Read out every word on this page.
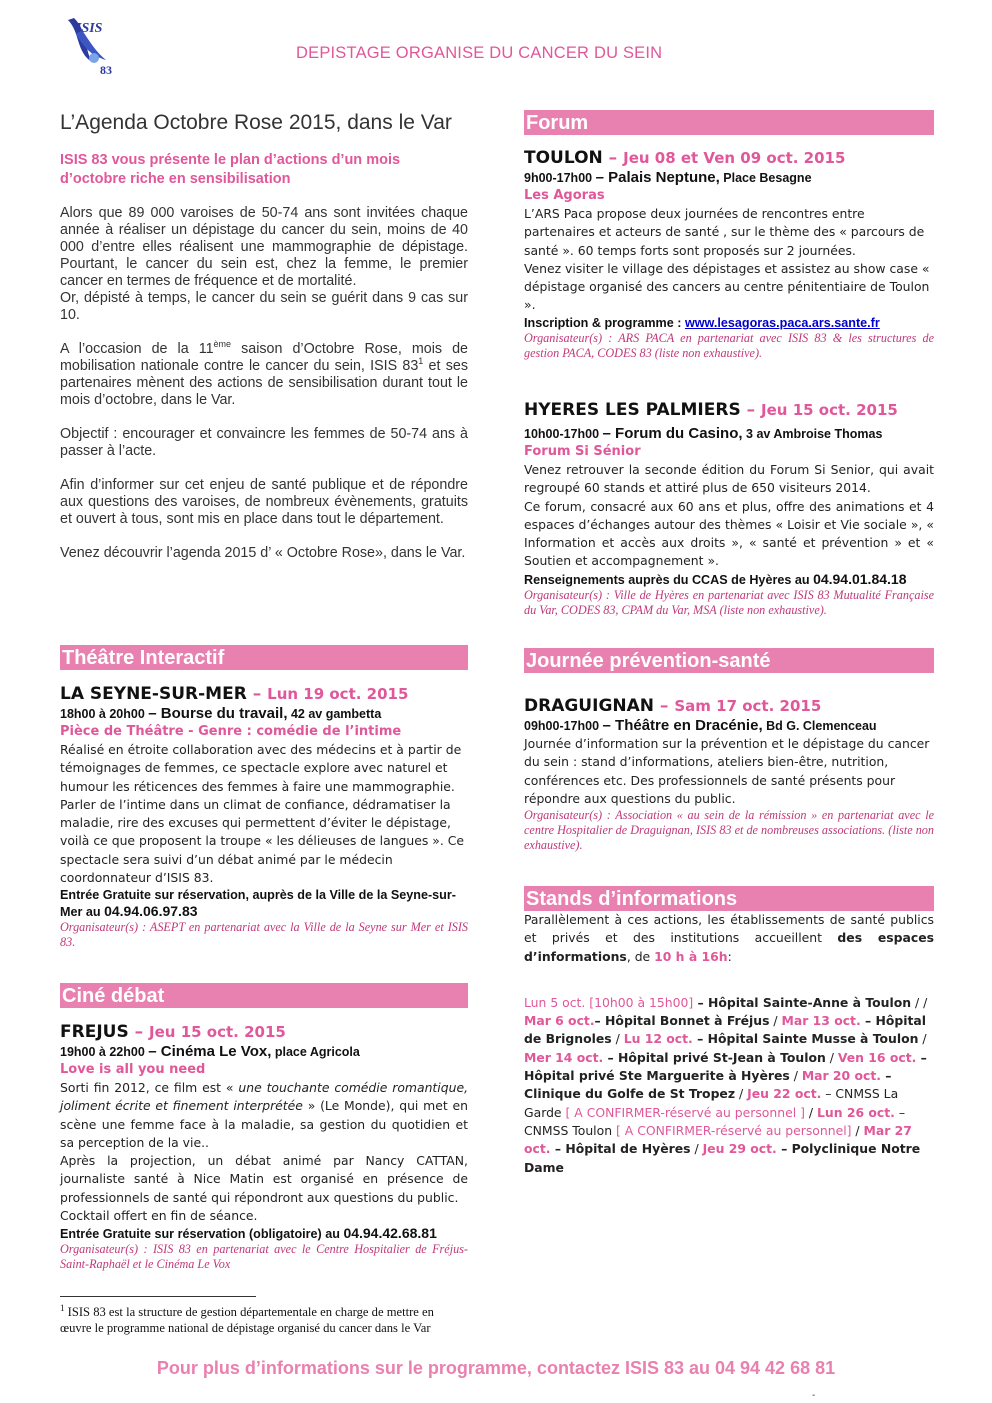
ISIS
83
DEPISTAGE ORGANISE DU CANCER DU SEIN
L’Agenda Octobre Rose 2015, dans le Var
ISIS 83 vous présente le plan d’actions d’un mois d’octobre riche en sensibilisation

Alors que 89 000 varoises de 50-74 ans sont invitées chaque année à réaliser un dépistage du cancer du sein, moins de 40 000 d’entre elles réalisent une mammographie de dépistage. Pourtant, le cancer du sein est, chez la femme, le premier cancer en termes de fréquence et de mortalité.

Or, dépisté à temps, le cancer du sein se guérit dans 9 cas sur 10.

A l’occasion de la 11ème saison d’Octobre Rose, mois de mobilisation nationale contre le cancer du sein, ISIS $83^1$ et ses partenaires mènent des actions de sensibilisation durant tout le mois d’octobre, dans le Var.

Objectif : encourager et convaincre les femmes de 50-74 ans à passer à l’acte.

Afin d’informer sur cet enjeu de santé publique et de répondre aux questions des varoises, de nombreux évènements, gratuits et ouvert à tous, sont mis en place dans tout le département.

Venez découvrir l’agenda 2015 d’ « Octobre Rose», dans le Var.

Théâtre Interactif
LA SEYNE-SUR-MER – Lun 19 oct. 2015
18h00 à 20h00 – Bourse du travail, 42 av gambetta
Pièce de Théâtre - Genre : comédie de l’intime
Réalisé en étroite collaboration avec des médecins et à partir de témoignages de femmes, ce spectacle explore avec naturel et humour les réticences des femmes à faire une mammographie. Parler de l’intime dans un climat de confiance, dédramatiser la maladie, rire des excuses qui permettent d’éviter le dépistage, voilà ce que proposent la troupe « les délieuses de langues ». Ce spectacle sera suivi d’un débat animé par le médecin coordonnateur d’ISIS 83.
Entrée Gratuite sur réservation, auprès de la Ville de la Seyne-sur-Mer au 04.94.06.97.83
Organisateur(s) : ASEPT en partenariat avec la Ville de la Seyne sur Mer et ISIS 83.
Ciné débat
FREJUS – Jeu 15 oct. 2015
19h00 à 22h00 – Cinéma Le Vox, place Agricola
Love is all you need
Sorti fin 2012, ce film est « une touchante comédie romantique, joliment écrite et finement interprétée » (Le Monde), qui met en scène une femme face à la maladie, sa gestion du quotidien et sa perception de la vie..
Après la projection, un débat animé par Nancy CATTAN, journaliste santé à Nice Matin est organisé en présence de professionnels de santé qui répondront aux questions du public.
Cocktail offert en fin de séance.
Entrée Gratuite sur réservation (obligatoire) au 04.94.42.68.81
Organisateur(s) : ISIS 83 en partenariat avec le Centre Hospitalier de Fréjus-Saint-Raphaël et le Cinéma Le Vox
$^1$ ISIS 83 est la structure de gestion départementale en charge de mettre en œuvre le programme national de dépistage organisé du cancer dans le Var
Forum
TOULON – Jeu 08 et Ven 09 oct. 2015
9h00-17h00 – Palais Neptune, Place Besagne
Les Agoras
L’ARS Paca propose deux journées de rencontres entre partenaires et acteurs de santé , sur le thème des « parcours de santé ». 60 temps forts sont proposés sur 2 journées.
Venez visiter le village des dépistages et assistez au show case « dépistage organisé des cancers au centre pénitentiaire de Toulon ».
Inscription & programme : www.lesagoras.paca.ars.sante.fr
Organisateur(s) : ARS PACA en partenariat avec ISIS 83 & les structures de gestion PACA, CODES 83 (liste non exhaustive).
HYERES LES PALMIERS – Jeu 15 oct. 2015
10h00-17h00 – Forum du Casino, 3 av Ambroise Thomas
Forum Si Sénior
Venez retrouver la seconde édition du Forum Si Senior, qui avait regroupé 60 stands et attiré plus de 650 visiteurs 2014.
Ce forum, consacré aux 60 ans et plus, offre des animations et 4 espaces d’échanges autour des thèmes « Loisir et Vie sociale », « Information et accès aux droits », « santé et prévention » et « Soutien et accompagnement ».
Renseignements auprès du CCAS de Hyères au 04.94.01.84.18
Organisateur(s) : Ville de Hyères en partenariat avec ISIS 83 Mutualité Française du Var, CODES 83, CPAM du Var, MSA (liste non exhaustive).
Journée prévention-santé
DRAGUIGNAN – Sam 17 oct. 2015
09h00-17h00 – Théâtre en Dracénie, Bd G. Clemenceau
Journée d’information sur la prévention et le dépistage du cancer du sein : stand d’informations, ateliers bien-être, nutrition, conférences etc. Des professionnels de santé présents pour répondre aux questions du public.
Organisateur(s) : Association « au sein de la rémission » en partenariat avec le centre Hospitalier de Draguignan, ISIS 83 et de nombreuses associations. (liste non exhaustive).
Stands d’informations
Parallèlement à ces actions, les établissements de santé publics et privés et des institutions accueillent des espaces d’informations, de 10 h à 16h:
Lun 5 oct. [10h00 à 15h00] – Hôpital Sainte-Anne à Toulon / /
Mar 6 oct.– Hôpital Bonnet à Fréjus / Mar 13 oct. – Hôpital de Brignoles / Lu 12 oct. – Hôpital Sainte Musse à Toulon / Mer 14 oct. – Hôpital privé St-Jean à Toulon / Ven 16 oct. – Hôpital privé Ste Marguerite à Hyères / Mar 20 oct. – Clinique du Golfe de St Tropez / Jeu 22 oct. – CNMSS La Garde [ A CONFIRMER-réservé au personnel ] / Lun 26 oct. – CNMSS Toulon [ A CONFIRMER-réservé au personnel] / Mar 27 oct. – Hôpital de Hyères / Jeu 29 oct. – Polyclinique Notre Dame
Pour plus d’informations sur le programme, contactez ISIS 83 au 04 94 42 68 81
-
